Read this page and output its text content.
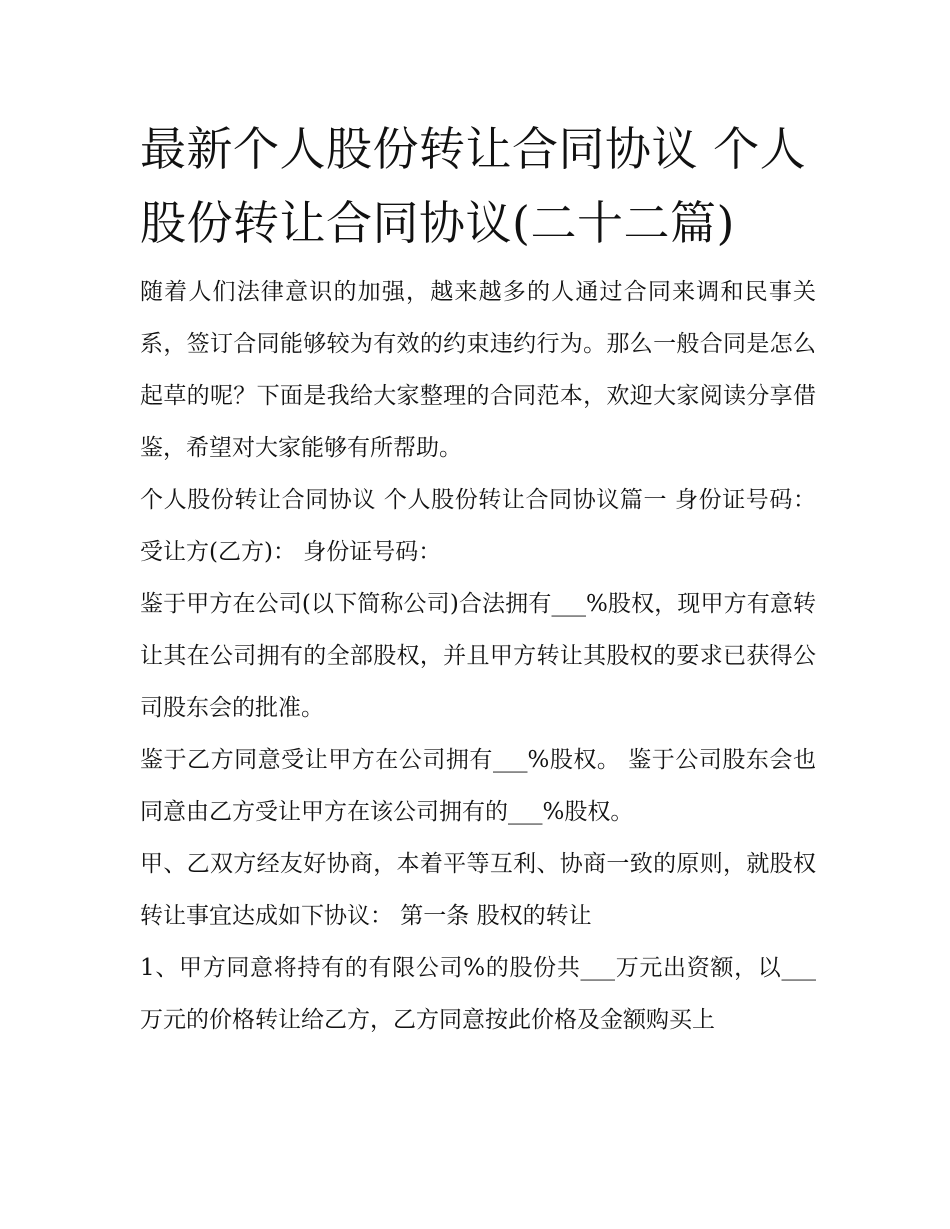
最新个人股份转让合同协议 个人股份转让合同协议(二十二篇)

随着人们法律意识的加强，越来越多的人通过合同来调和民事关系，签订合同能够较为有效的约束违约行为。那么一般合同是怎么起草的呢？下面是我给大家整理的合同范本，欢迎大家阅读分享借鉴，希望对大家能够有所帮助。

个人股份转让合同协议 个人股份转让合同协议篇一 身份证号码： 受让方(乙方)： 身份证号码：

鉴于甲方在公司(以下简称公司)合法拥有___%股权，现甲方有意转让其在公司拥有的全部股权，并且甲方转让其股权的要求已获得公司股东会的批准。

鉴于乙方同意受让甲方在公司拥有___%股权。 鉴于公司股东会也同意由乙方受让甲方在该公司拥有的___%股权。

甲、乙双方经友好协商，本着平等互利、协商一致的原则，就股权转让事宜达成如下协议： 第一条 股权的转让

1、甲方同意将持有的有限公司%的股份共___万元出资额，以___万元的价格转让给乙方，乙方同意按此价格及金额购买上
